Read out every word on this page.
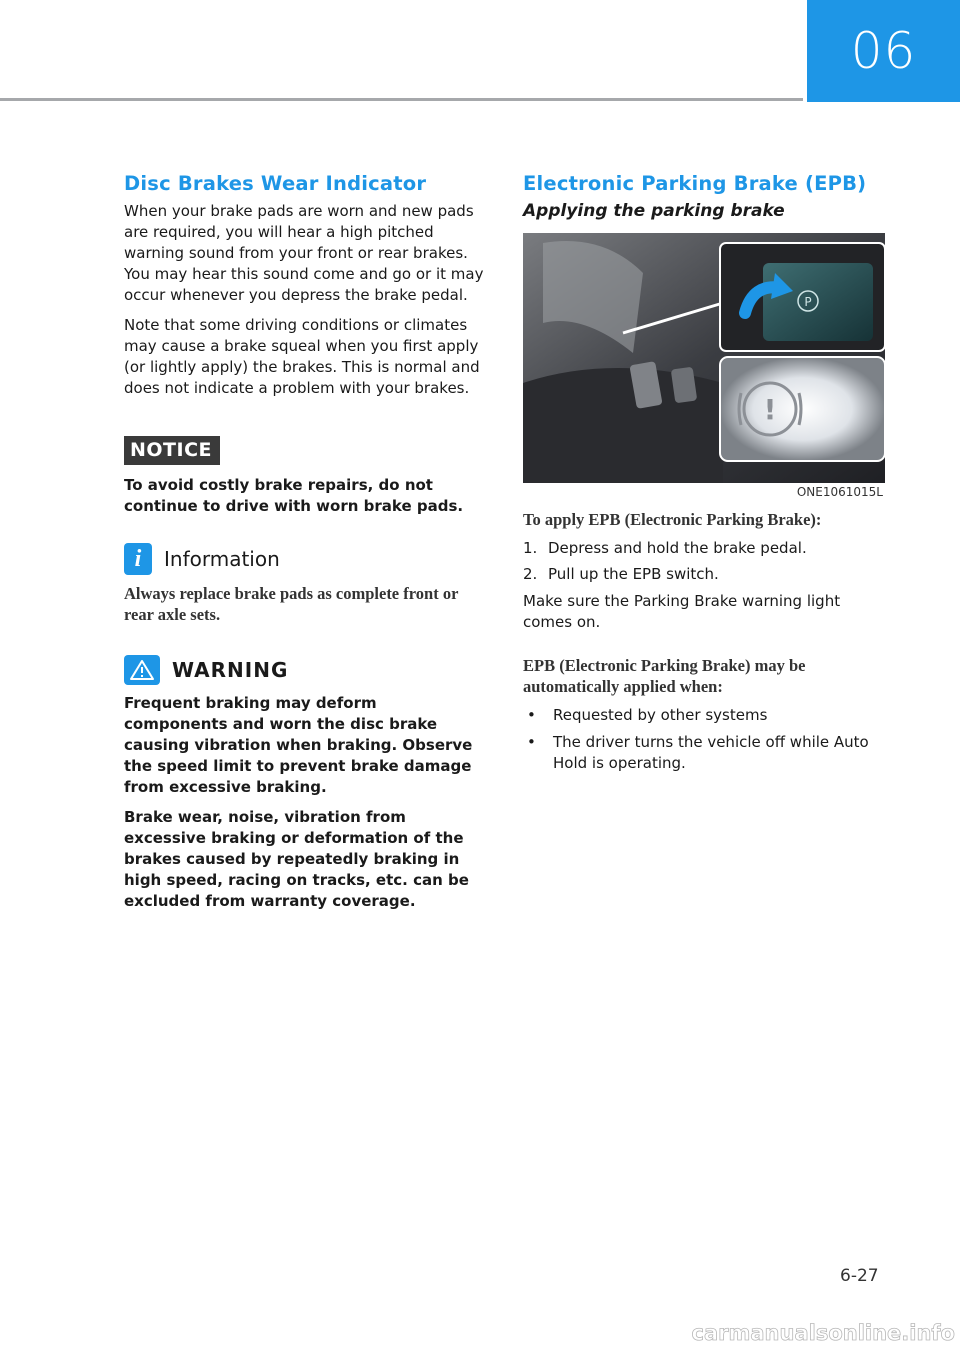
06
Disc Brakes Wear Indicator

When your brake pads are worn and new pads are required, you will hear a high pitched warning sound from your front or rear brakes. You may hear this sound come and go or it may occur whenever you depress the brake pedal.

Note that some driving conditions or climates may cause a brake squeal when you first apply (or lightly apply) the brakes. This is normal and does not indicate a problem with your brakes.

NOTICE

To avoid costly brake repairs, do not continue to drive with worn brake pads.

i	Information

Always replace brake pads as complete front or rear axle sets.

WARNING

Frequent braking may deform components and worn the disc brake causing vibration when braking. Observe the speed limit to prevent brake damage from excessive braking.

Brake wear, noise, vibration from excessive braking or deformation of the brakes caused by repeatedly braking in high speed, racing on tracks, etc. can be excluded from warranty coverage.

Electronic Parking Brake (EPB)
Applying the parking brake
P
!
ONE1061015L

To apply EPB (Electronic Parking Brake):

1. Depress and hold the brake pedal.
2. Pull up the EPB switch.

Make sure the Parking Brake warning light comes on.

EPB (Electronic Parking Brake) may be automatically applied when:

•	Requested by other systems
•	The driver turns the vehicle off while Auto Hold is operating.
6-27
carmanualsonline.info
